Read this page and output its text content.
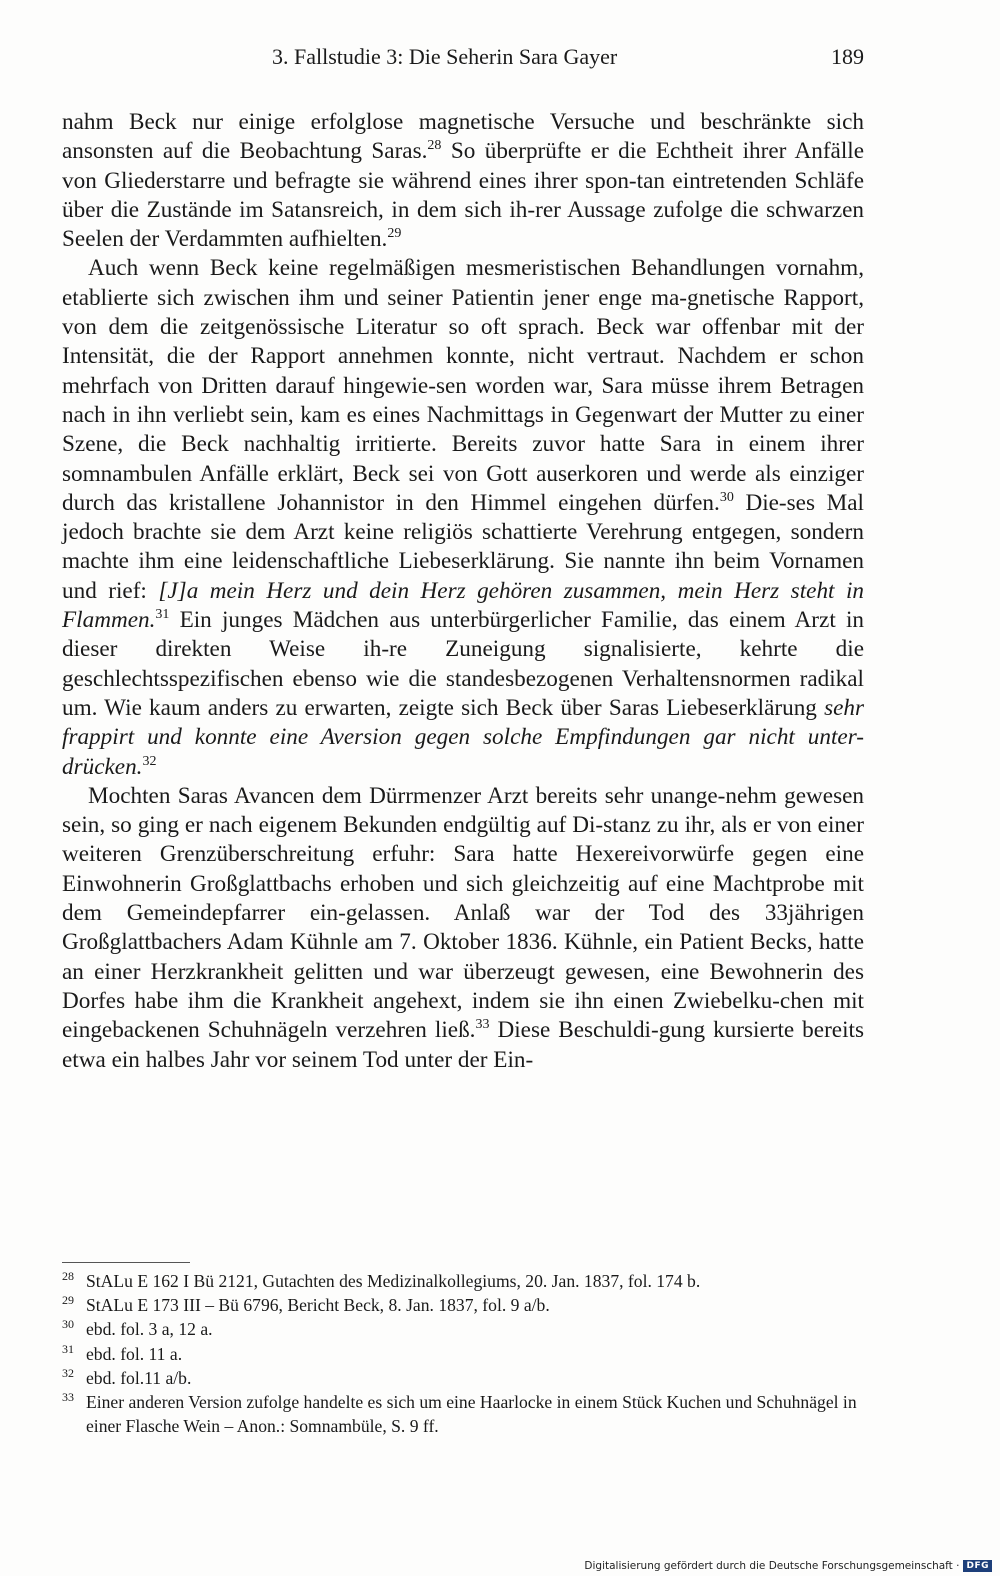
3. Fallstudie 3: Die Seherin Sara Gayer	189

nahm Beck nur einige erfolglose magnetische Versuche und beschränkte sich ansonsten auf die Beobachtung Saras.$^{28}$ So überprüfte er die Echtheit ihrer Anfälle von Gliederstarre und befragte sie während eines ihrer spon-tan eintretenden Schläfe über die Zustände im Satansreich, in dem sich ih-rer Aussage zufolge die schwarzen Seelen der Verdammten aufhielten.$^{29}$

Auch wenn Beck keine regelmäßigen mesmeristischen Behandlungen vornahm, etablierte sich zwischen ihm und seiner Patientin jener enge ma-gnetische Rapport, von dem die zeitgenössische Literatur so oft sprach. Beck war offenbar mit der Intensität, die der Rapport annehmen konnte, nicht vertraut. Nachdem er schon mehrfach von Dritten darauf hingewie-sen worden war, Sara müsse ihrem Betragen nach in ihn verliebt sein, kam es eines Nachmittags in Gegenwart der Mutter zu einer Szene, die Beck nachhaltig irritierte. Bereits zuvor hatte Sara in einem ihrer somnambulen Anfälle erklärt, Beck sei von Gott auserkoren und werde als einziger durch das kristallene Johannistor in den Himmel eingehen dürfen.$^{30}$ Die-ses Mal jedoch brachte sie dem Arzt keine religiös schattierte Verehrung entgegen, sondern machte ihm eine leidenschaftliche Liebeserklärung. Sie nannte ihn beim Vornamen und rief: [J]a mein Herz und dein Herz gehören zusammen, mein Herz steht in Flammen.$^{31}$ Ein junges Mädchen aus unterbürgerlicher Familie, das einem Arzt in dieser direkten Weise ih-re Zuneigung signalisierte, kehrte die geschlechtsspezifischen ebenso wie die standesbezogenen Verhaltensnormen radikal um. Wie kaum anders zu erwarten, zeigte sich Beck über Saras Liebeserklärung sehr frappirt und konnte eine Aversion gegen solche Empfindungen gar nicht unter-drücken.$^{32}$

Mochten Saras Avancen dem Dürrmenzer Arzt bereits sehr unange-nehm gewesen sein, so ging er nach eigenem Bekunden endgültig auf Di-stanz zu ihr, als er von einer weiteren Grenzüberschreitung erfuhr: Sara hatte Hexereivorwürfe gegen eine Einwohnerin Großglattbachs erhoben und sich gleichzeitig auf eine Machtprobe mit dem Gemeindepfarrer ein-gelassen. Anlaß war der Tod des 33jährigen Großglattbachers Adam Kühnle am 7. Oktober 1836. Kühnle, ein Patient Becks, hatte an einer Herzkrankheit gelitten und war überzeugt gewesen, eine Bewohnerin des Dorfes habe ihm die Krankheit angehext, indem sie ihn einen Zwiebelku-chen mit eingebackenen Schuhnägeln verzehren ließ.$^{33}$ Diese Beschuldi-gung kursierte bereits etwa ein halbes Jahr vor seinem Tod unter der Ein-

28 StALu E 162 I Bü 2121, Gutachten des Medizinalkollegiums, 20. Jan. 1837, fol. 174 b.
29 StALu E 173 III – Bü 6796, Bericht Beck, 8. Jan. 1837, fol. 9 a/b.
30 ebd. fol. 3 a, 12 a.
31 ebd. fol. 11 a.
32 ebd. fol.11 a/b.
33 Einer anderen Version zufolge handelte es sich um eine Haarlocke in einem Stück Kuchen und Schuhnägel in einer Flasche Wein – Anon.: Somnambüle, S. 9 ff.
Digitalisierung gefördert durch die Deutsche Forschungsgemeinschaft · DFG
